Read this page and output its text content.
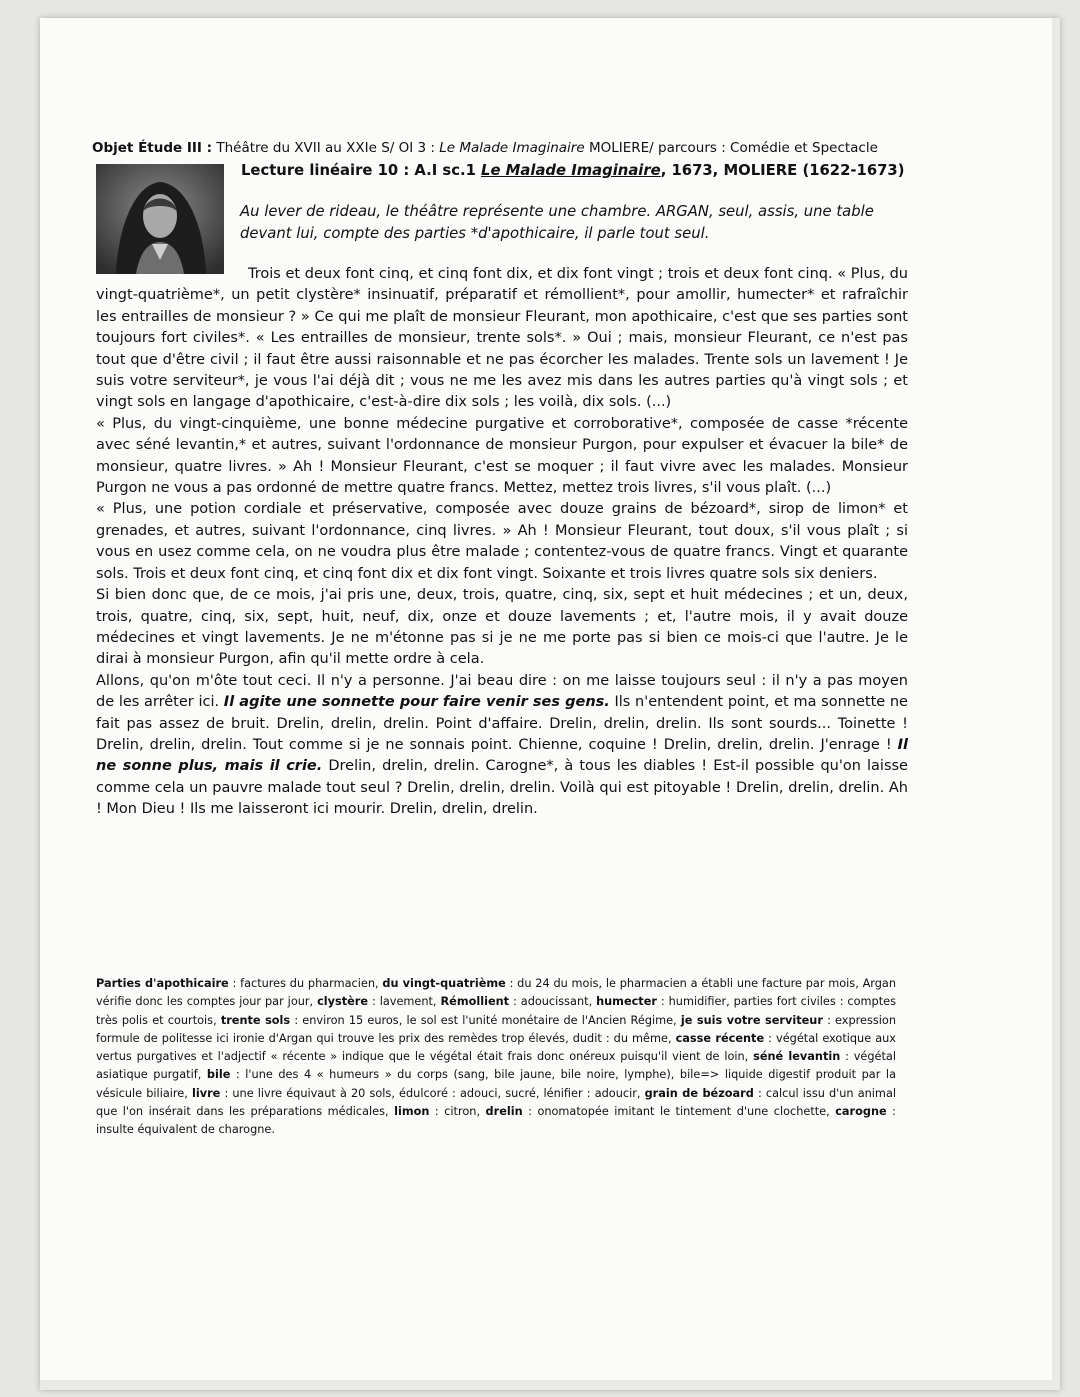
Objet Étude III : Théâtre du XVII au XXIe S/ OI 3 : Le Malade Imaginaire MOLIERE/ parcours : Comédie et Spectacle
Lecture linéaire 10 : A.I sc.1 Le Malade Imaginaire, 1673, MOLIERE (1622-1673)
Au lever de rideau, le théâtre représente une chambre. ARGAN, seul, assis, une table devant lui, compte des parties *d'apothicaire, il parle tout seul.

Trois et deux font cinq, et cinq font dix, et dix font vingt ; trois et deux font cinq. « Plus, du vingt-quatrième*, un petit clystère* insinuatif, préparatif et rémollient*, pour amollir, humecter* et rafraîchir les entrailles de monsieur ? » Ce qui me plaît de monsieur Fleurant, mon apothicaire, c'est que ses parties sont toujours fort civiles*. « Les entrailles de monsieur, trente sols*. » Oui ; mais, monsieur Fleurant, ce n'est pas tout que d'être civil ; il faut être aussi raisonnable et ne pas écorcher les malades. Trente sols un lavement ! Je suis votre serviteur*, je vous l'ai déjà dit ; vous ne me les avez mis dans les autres parties qu'à vingt sols ; et vingt sols en langage d'apothicaire, c'est-à-dire dix sols ; les voilà, dix sols. (...)

« Plus, du vingt-cinquième, une bonne médecine purgative et corroborative*, composée de casse *récente avec séné levantin,* et autres, suivant l'ordonnance de monsieur Purgon, pour expulser et évacuer la bile* de monsieur, quatre livres. » Ah ! Monsieur Fleurant, c'est se moquer ; il faut vivre avec les malades. Monsieur Purgon ne vous a pas ordonné de mettre quatre francs. Mettez, mettez trois livres, s'il vous plaît. (...)

« Plus, une potion cordiale et préservative, composée avec douze grains de bézoard*, sirop de limon* et grenades, et autres, suivant l'ordonnance, cinq livres. » Ah ! Monsieur Fleurant, tout doux, s'il vous plaît ; si vous en usez comme cela, on ne voudra plus être malade ; contentez-vous de quatre francs. Vingt et quarante sols. Trois et deux font cinq, et cinq font dix et dix font vingt. Soixante et trois livres quatre sols six deniers.

Si bien donc que, de ce mois, j'ai pris une, deux, trois, quatre, cinq, six, sept et huit médecines ; et un, deux, trois, quatre, cinq, six, sept, huit, neuf, dix, onze et douze lavements ; et, l'autre mois, il y avait douze médecines et vingt lavements. Je ne m'étonne pas si je ne me porte pas si bien ce mois-ci que l'autre. Je le dirai à monsieur Purgon, afin qu'il mette ordre à cela.

Allons, qu'on m'ôte tout ceci. Il n'y a personne. J'ai beau dire : on me laisse toujours seul : il n'y a pas moyen de les arrêter ici. Il agite une sonnette pour faire venir ses gens. Ils n'entendent point, et ma sonnette ne fait pas assez de bruit. Drelin, drelin, drelin. Point d'affaire. Drelin, drelin, drelin. Ils sont sourds... Toinette ! Drelin, drelin, drelin. Tout comme si je ne sonnais point. Chienne, coquine ! Drelin, drelin, drelin. J'enrage ! Il ne sonne plus, mais il crie. Drelin, drelin, drelin. Carogne*, à tous les diables ! Est-il possible qu'on laisse comme cela un pauvre malade tout seul ? Drelin, drelin, drelin. Voilà qui est pitoyable ! Drelin, drelin, drelin. Ah ! Mon Dieu ! Ils me laisseront ici mourir. Drelin, drelin, drelin.

Parties d'apothicaire : factures du pharmacien, du vingt-quatrième : du 24 du mois, le pharmacien a établi une facture par mois, Argan vérifie donc les comptes jour par jour, clystère : lavement, Rémollient : adoucissant, humecter : humidifier, parties fort civiles : comptes très polis et courtois, trente sols : environ 15 euros, le sol est l'unité monétaire de l'Ancien Régime, je suis votre serviteur : expression formule de politesse ici ironie d'Argan qui trouve les prix des remèdes trop élevés, dudit : du même, casse récente : végétal exotique aux vertus purgatives et l'adjectif « récente » indique que le végétal était frais donc onéreux puisqu'il vient de loin, séné levantin : végétal asiatique purgatif, bile : l'une des 4 « humeurs » du corps (sang, bile jaune, bile noire, lymphe), bile=> liquide digestif produit par la vésicule biliaire, livre : une livre équivaut à 20 sols, édulcoré : adouci, sucré, lénifier : adoucir, grain de bézoard : calcul issu d'un animal que l'on insérait dans les préparations médicales, limon : citron, drelin : onomatopée imitant le tintement d'une clochette, carogne : insulte équivalent de charogne.
